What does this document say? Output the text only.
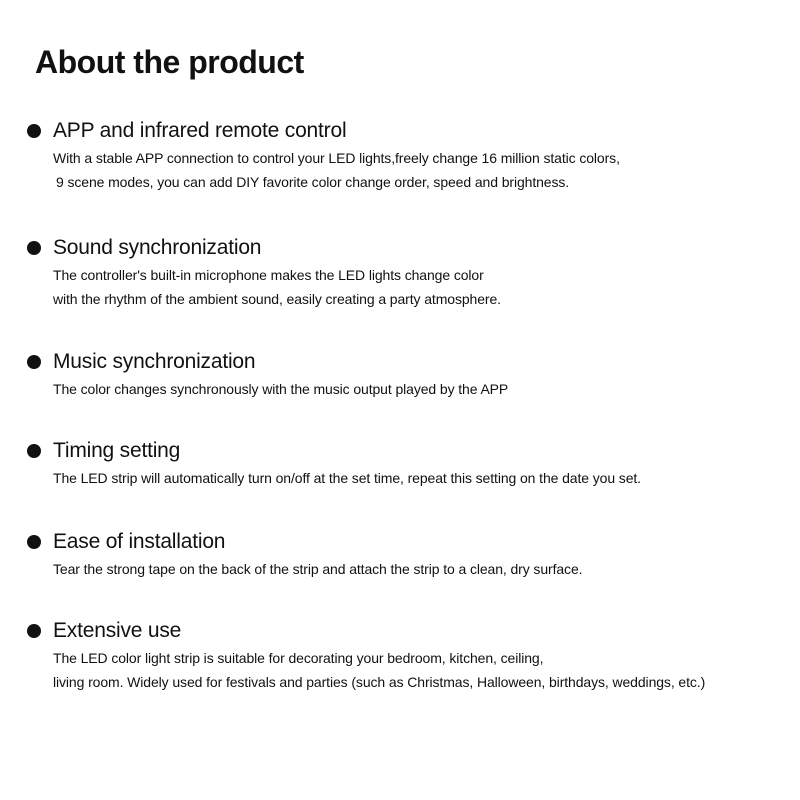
About the product
APP and infrared remote control

With a stable APP connection to control your LED lights,freely change 16 million static colors,
9 scene modes, you can add DIY favorite color change order, speed and brightness.

Sound synchronization

The controller's built-in microphone makes the LED lights change color
with the rhythm of the ambient sound, easily creating a party atmosphere.

Music synchronization

The color changes synchronously with the music output played by the APP

Timing setting

The LED strip will automatically turn on/off at the set time, repeat this setting on the date you set.

Ease of installation

Tear the strong tape on the back of the strip and attach the strip to a clean, dry surface.

Extensive use

The LED color light strip is suitable for decorating your bedroom, kitchen, ceiling,
living room. Widely used for festivals and parties (such as Christmas, Halloween, birthdays, weddings, etc.)
